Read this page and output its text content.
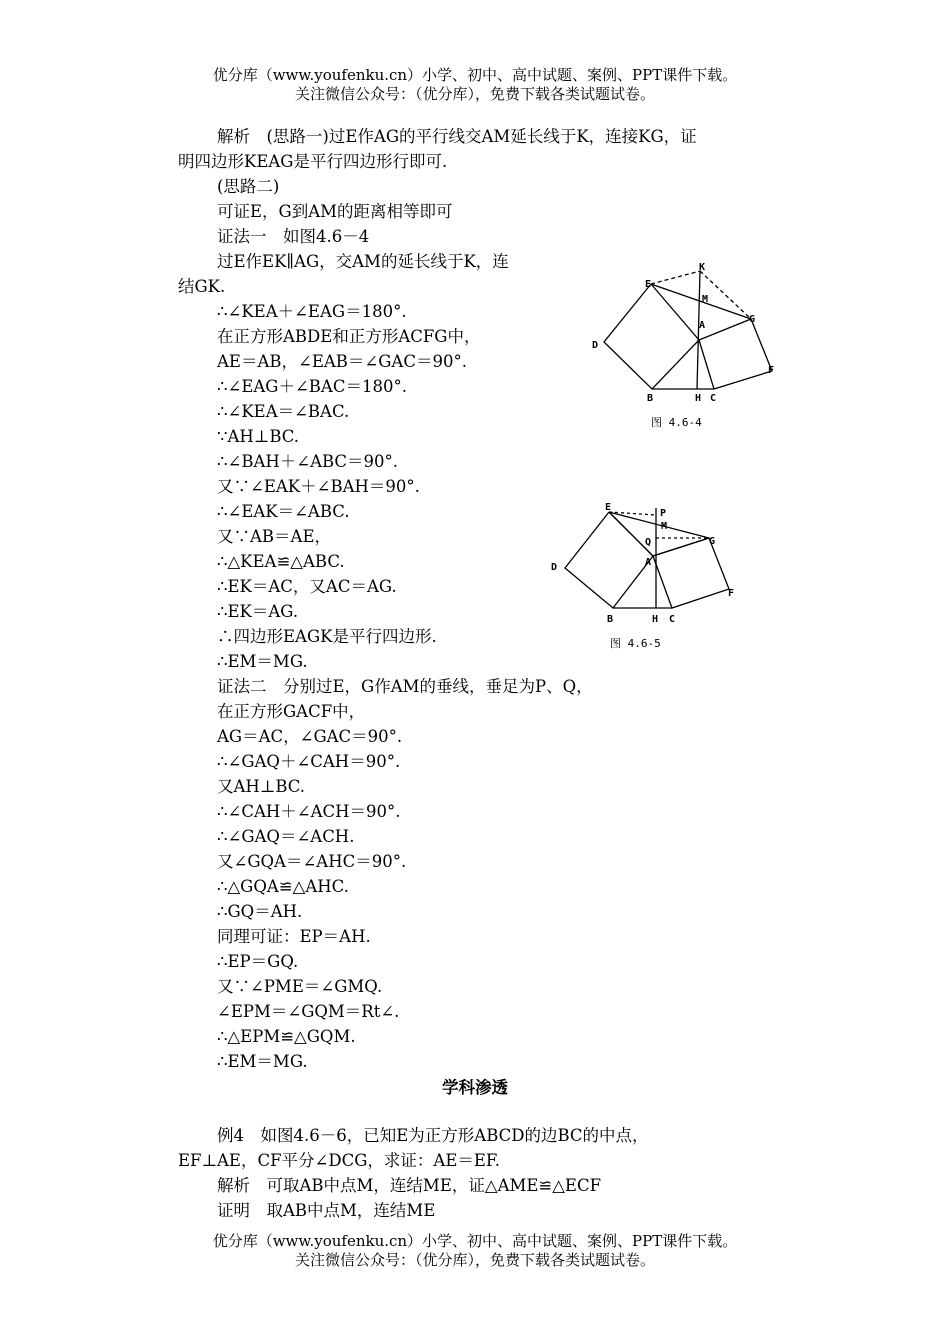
优分库（www.youfenku.cn）小学、初中、高中试题、案例、PPT课件下载。
关注微信公众号：（优分库），免费下载各类试题试卷。
解析　(思路一)过E作AG的平行线交AM延长线于K，连接KG，证
明四边形KEAG是平行四边形行即可.
(思路二)
可证E，G到AM的距离相等即可
证法一　如图4.6－4
过E作EK∥AG，交AM的延长线于K，连
结GK.
∴∠KEA＋∠EAG＝180°.
在正方形ABDE和正方形ACFG中，
AE＝AB，∠EAB＝∠GAC＝90°.
∴∠EAG＋∠BAC＝180°.
∴∠KEA＝∠BAC.
∵AH⊥BC.
∴∠BAH＋∠ABC＝90°.
又∵∠EAK＋∠BAH＝90°.
∴∠EAK＝∠ABC.
又∵AB＝AE，
∴△KEA≌△ABC.
∴EK＝AC，又AC＝AG.
∴EK＝AG.
∴四边形EAGK是平行四边形.
∴EM＝MG.
证法二　分别过E，G作AM的垂线，垂足为P、Q，
在正方形GACF中，
AG＝AC，∠GAC＝90°.
∴∠GAQ＋∠CAH＝90°.
又AH⊥BC.
∴∠CAH＋∠ACH＝90°.
∴∠GAQ＝∠ACH.
又∠GQA＝∠AHC＝90°.
∴△GQA≌△AHC.
∴GQ＝AH.
同理可证：EP＝AH.
∴EP＝GQ.
又∵∠PME＝∠GMQ.
∠EPM＝∠GQM＝Rt∠.
∴△EPM≌△GQM.
∴EM＝MG.
学科渗透
例4　如图4.6－6，已知E为正方形ABCD的边BC的中点，
EF⊥AE，CF平分∠DCG，求证：AE＝EF.
解析　可取AB中点M，连结ME，证△AME≌△ECF
证明　取AB中点M，连结ME
优分库（www.youfenku.cn）小学、初中、高中试题、案例、PPT课件下载。
关注微信公众号：（优分库），免费下载各类试题试卷。
K
E
M
G
A
D
F
B	H C
图 4.6-4
E
P
M
Q	G
A
D
F
B	H C
图 4.6-5
